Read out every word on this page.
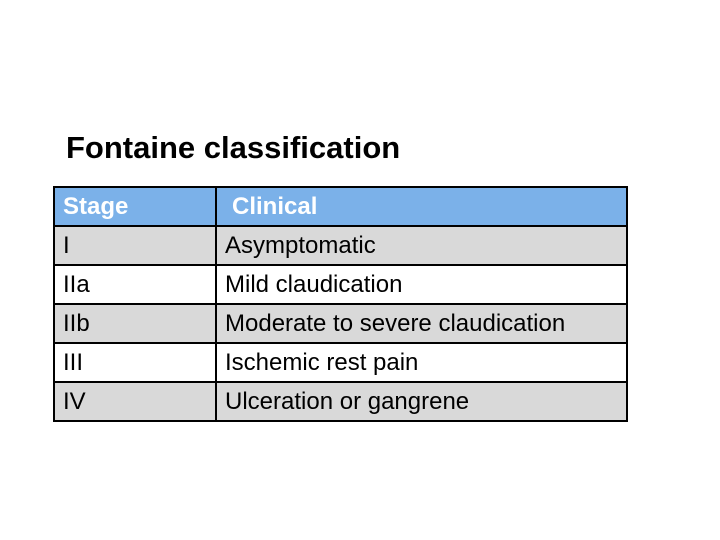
Fontaine classification
Stage	Clinical
I	Asymptomatic
IIa	Mild claudication
IIb	Moderate to severe claudication
III	Ischemic rest pain
IV	Ulceration or gangrene
